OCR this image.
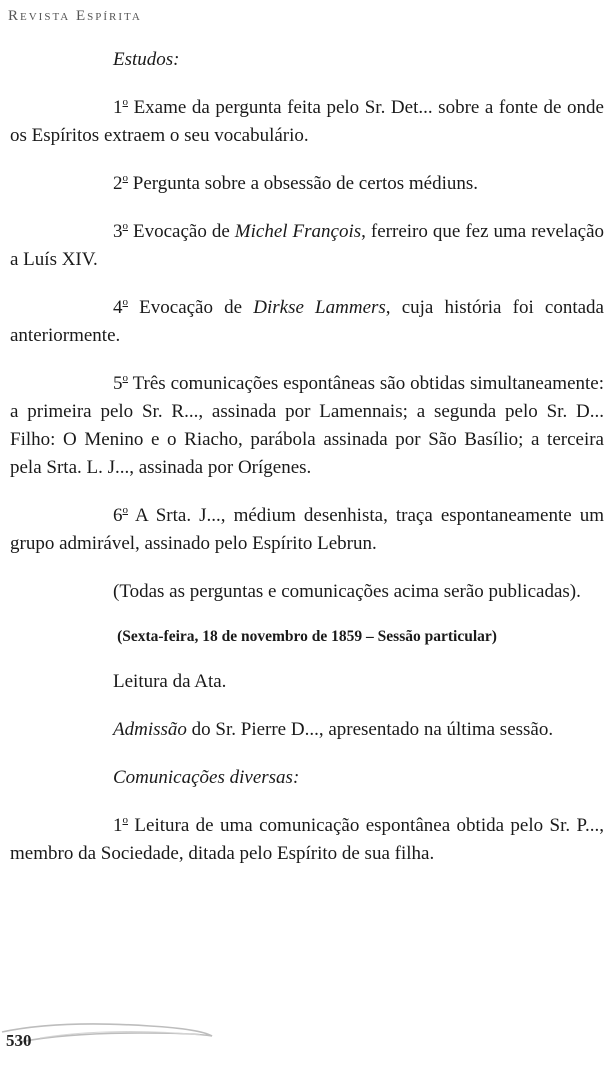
Revista Espírita

Estudos:

1$^o$ Exame da pergunta feita pelo Sr. Det... sobre a fonte de onde os Espíritos extraem o seu vocabulário.

2$^o$ Pergunta sobre a obsessão de certos médiuns.

3$^o$ Evocação de Michel François, ferreiro que fez uma revelação a Luís XIV.

4$^o$ Evocação de Dirkse Lammers, cuja história foi contada anteriormente.

5$^o$ Três comunicações espontâneas são obtidas simultaneamente: a primeira pelo Sr. R..., assinada por Lamennais; a segunda pelo Sr. D... Filho: O Menino e o Riacho, parábola assinada por São Basílio; a terceira pela Srta. L. J..., assinada por Orígenes.

6$^o$ A Srta. J..., médium desenhista, traça espontaneamente um grupo admirável, assinado pelo Espírito Lebrun.

(Todas as perguntas e comunicações acima serão publicadas).

(Sexta-feira, 18 de novembro de 1859 – Sessão particular)

Leitura da Ata.

Admissão do Sr. Pierre D..., apresentado na última sessão.

Comunicações diversas:

1$^o$ Leitura de uma comunicação espontânea obtida pelo Sr. P..., membro da Sociedade, ditada pelo Espírito de sua filha.

530
